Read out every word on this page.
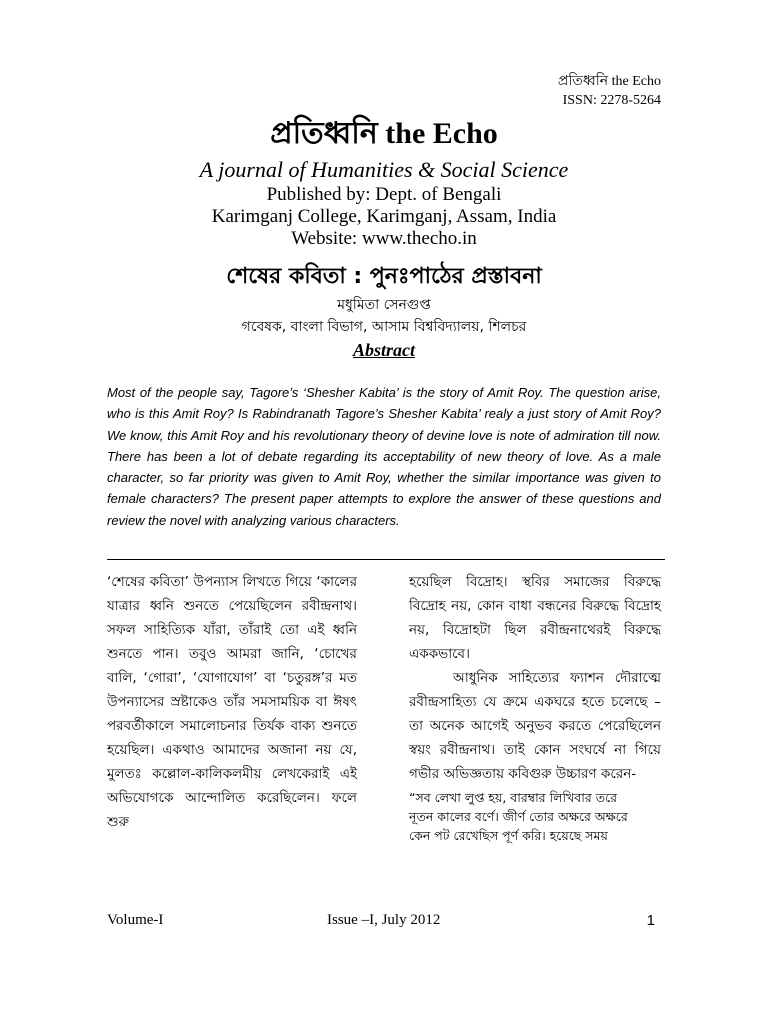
প্রতিধ্বনি the Echo
ISSN: 2278-5264
প্রতিধ্বনি the Echo
A journal of Humanities & Social Science
Published by: Dept. of Bengali
Karimganj College, Karimganj, Assam, India
Website: www.thecho.in
শেষের কবিতা : পুনঃপাঠের প্রস্তাবনা
মধুমিতা সেনগুপ্ত
গবেষক, বাংলা বিভাগ, আসাম বিশ্ববিদ্যালয়, শিলচর
Abstract
Most of the people say, Tagore’s ‘Shesher Kabita’ is the story of Amit Roy. The question arise, who is this Amit Roy? Is Rabindranath Tagore’s Shesher Kabita’ realy a just story of Amit Roy? We know, this Amit Roy and his revolutionary theory of devine love is note of admiration till now. There has been a lot of debate regarding its acceptability of new theory of love. As a male character, so far priority was given to Amit Roy, whether the similar importance was given to female characters? The present paper attempts to explore the answer of these questions and review the novel with analyzing various characters.

‘শেষের কবিতা’ উপন্যাস লিখতে গিয়ে ‘কালের যাত্রার ধ্বনি শুনতে পেয়েছিলেন রবীন্দ্রনাথ। সফল সাহিত্যিক যাঁরা, তাঁরাই তো এই ধ্বনি শুনতে পান। তবুও আমরা জানি, ‘চোখের বালি, ‘গোরা’, ‘যোগাযোগ’ বা ‘চতুরঙ্গ’র মত উপন্যাসের স্রষ্টাকেও তাঁর সমসাময়িক বা ঈষৎ পরবর্তীকালে সমালোচনার তির্যক বাক্য শুনতে হয়েছিল। একথাও আমাদের অজানা নয় যে, মুলতঃ কল্লোল-কালিকলমীয় লেখকেরাই এই অভিযোগকে আন্দোলিত করেছিলেন। ফলে শুরু

হয়েছিল বিদ্রোহ। স্থবির সমাজের বিরুদ্ধে বিদ্রোহ নয়, কোন বাধা বন্ধনের বিরুদ্ধে বিদ্রোহ নয়, বিদ্রোহটা ছিল রবীন্দ্রনাথেরই বিরুদ্ধে এককভাবে।

আধুনিক সাহিত্যের ফ্যাশন দৌরাত্মে রবীন্দ্রসাহিত্য যে ক্রমে একঘরে হতে চলেছে – তা অনেক আগেই অনুভব করতে পেরেছিলেন স্বয়ং রবীন্দ্রনাথ। তাই কোন সংঘর্ষে না গিয়ে গভীর অভিজ্ঞতায় কবিগুরু উচ্চারণ করেন-

“সব লেখা লুপ্ত হয়, বারম্বার লিখিবার তরে
নূতন কালের বর্ণে। জীর্ণ তোর অক্ষরে অক্ষরে
কেন পট রেখেছিস পূর্ণ করি। হয়েছে সময়
Volume-I	Issue –I, July 2012	1
